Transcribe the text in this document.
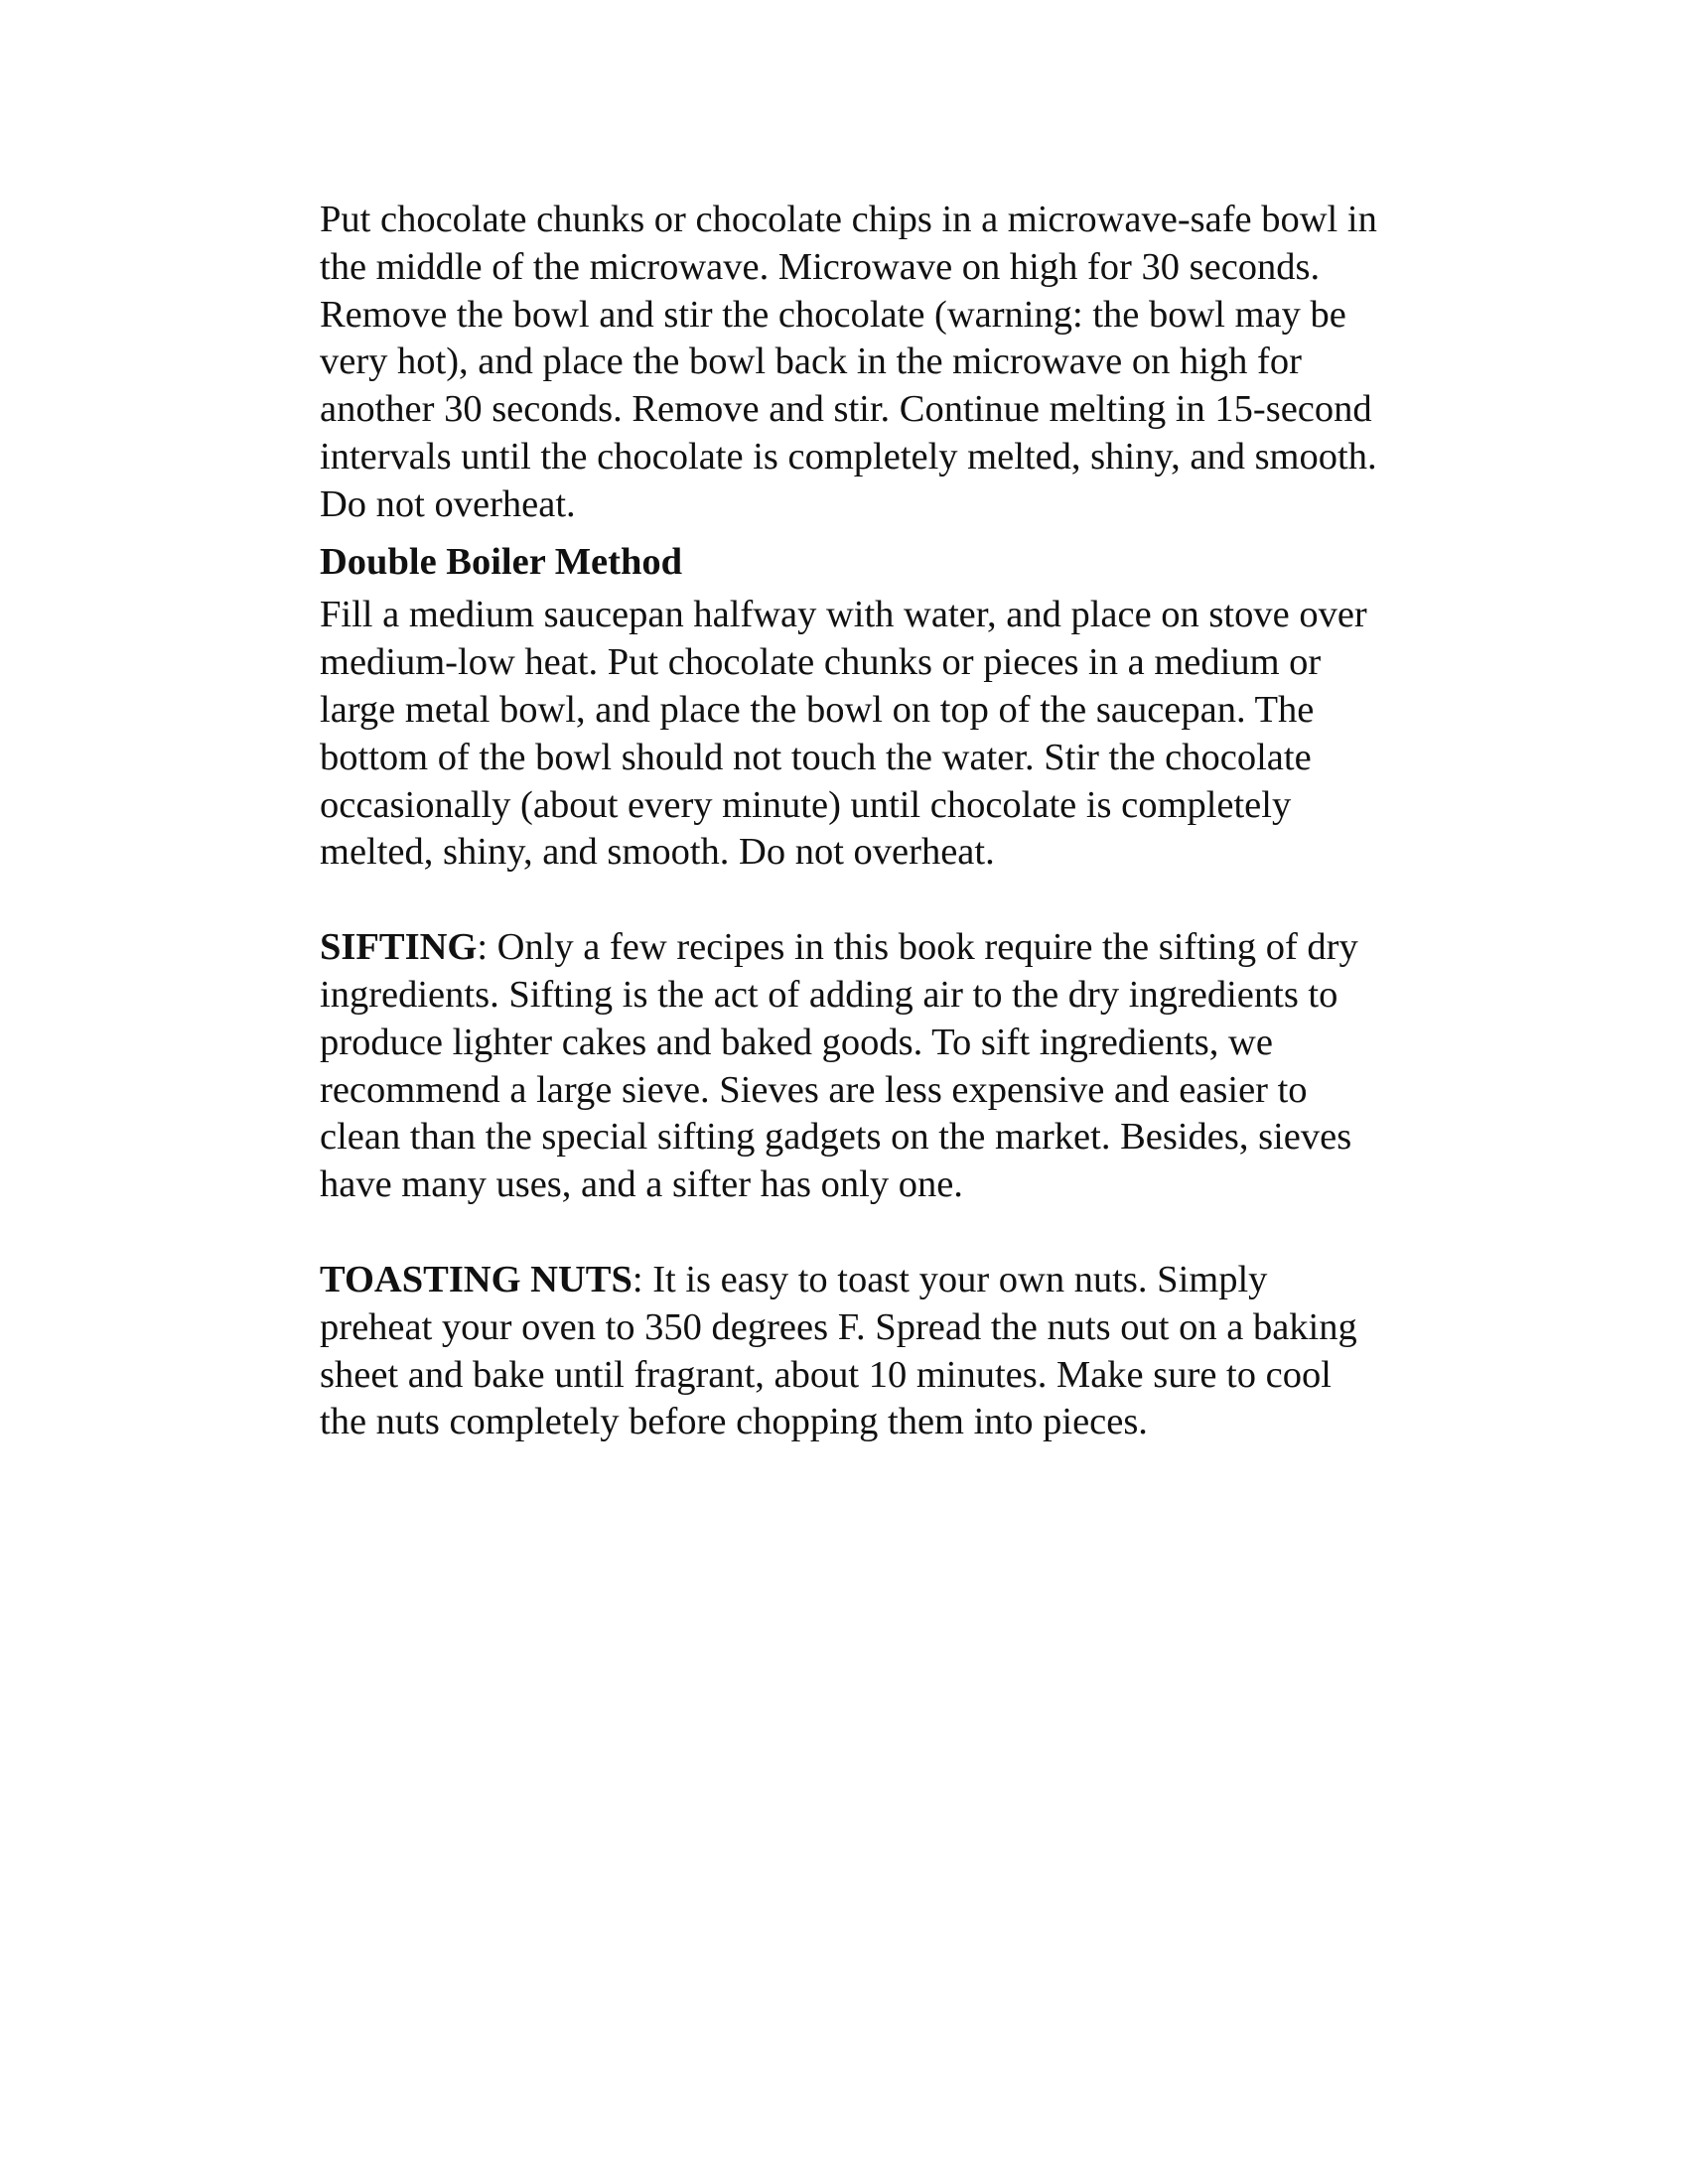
Put chocolate chunks or chocolate chips in a microwave-safe bowl in
the middle of the microwave. Microwave on high for 30 seconds.
Remove the bowl and stir the chocolate (warning: the bowl may be
very hot), and place the bowl back in the microwave on high for
another 30 seconds. Remove and stir. Continue melting in 15-second
intervals until the chocolate is completely melted, shiny, and smooth.
Do not overheat.

Double Boiler Method

Fill a medium saucepan halfway with water, and place on stove over
medium-low heat. Put chocolate chunks or pieces in a medium or
large metal bowl, and place the bowl on top of the saucepan. The
bottom of the bowl should not touch the water. Stir the chocolate
occasionally (about every minute) until chocolate is completely
melted, shiny, and smooth. Do not overheat.

SIFTING: Only a few recipes in this book require the sifting of dry
ingredients. Sifting is the act of adding air to the dry ingredients to
produce lighter cakes and baked goods. To sift ingredients, we
recommend a large sieve. Sieves are less expensive and easier to
clean than the special sifting gadgets on the market. Besides, sieves
have many uses, and a sifter has only one.

TOASTING NUTS: It is easy to toast your own nuts. Simply
preheat your oven to 350 degrees F. Spread the nuts out on a baking
sheet and bake until fragrant, about 10 minutes. Make sure to cool
the nuts completely before chopping them into pieces.
